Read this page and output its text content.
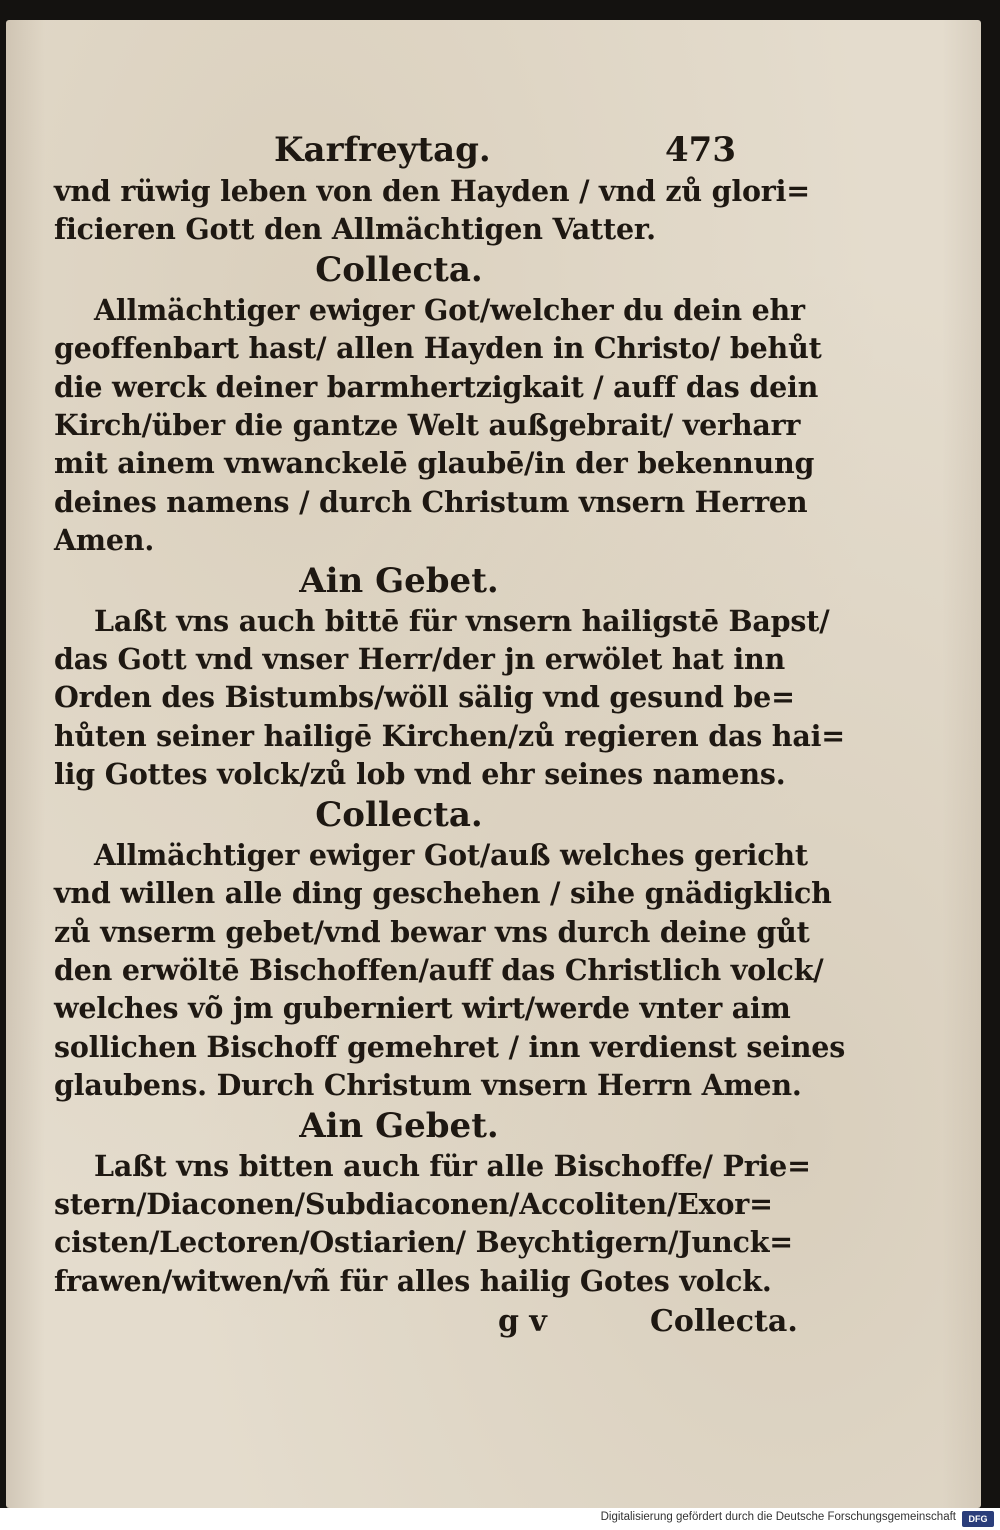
Karfreytag.	473
vnd rüwig leben von den Hayden / vnd zů glori=
ficieren Gott den Allmächtigen Vatter.
Collecta.
Allmächtiger ewiger Got/welcher du dein ehr
geoffenbart hast/ allen Hayden in Christo/ behůt
die werck deiner barmhertzigkait / auff das dein
Kirch/über die gantze Welt außgebrait/ verharr
mit ainem vnwanckelē glaubē/in der bekennung
deines namens / durch Christum vnsern Herren
Amen.
Ain Gebet.
Laßt vns auch bittē für vnsern hailigstē Bapst/
das Gott vnd vnser Herr/der jn erwölet hat inn
Orden des Bistumbs/wöll sälig vnd gesund be=
hůten seiner hailigē Kirchen/zů regieren das hai=
lig Gottes volck/zů lob vnd ehr seines namens.
Collecta.
Allmächtiger ewiger Got/auß welches gericht
vnd willen alle ding geschehen / sihe gnädigklich
zů vnserm gebet/vnd bewar vns durch deine gůt
den erwöltē Bischoffen/auff das Christlich volck/
welches võ jm guberniert wirt/werde vnter aim
sollichen Bischoff gemehret / inn verdienst seines
glaubens. Durch Christum vnsern Herrn Amen.
Ain Gebet.
Laßt vns bitten auch für alle Bischoffe/ Prie=
stern/Diaconen/Subdiaconen/Accoliten/Exor=
cisten/Lectoren/Ostiarien/ Beychtigern/Junck=
frawen/witwen/vñ für alles hailig Gotes volck.
g v	Collecta.
Digitalisierung gefördert durch die Deutsche Forschungsgemeinschaft	DFG
